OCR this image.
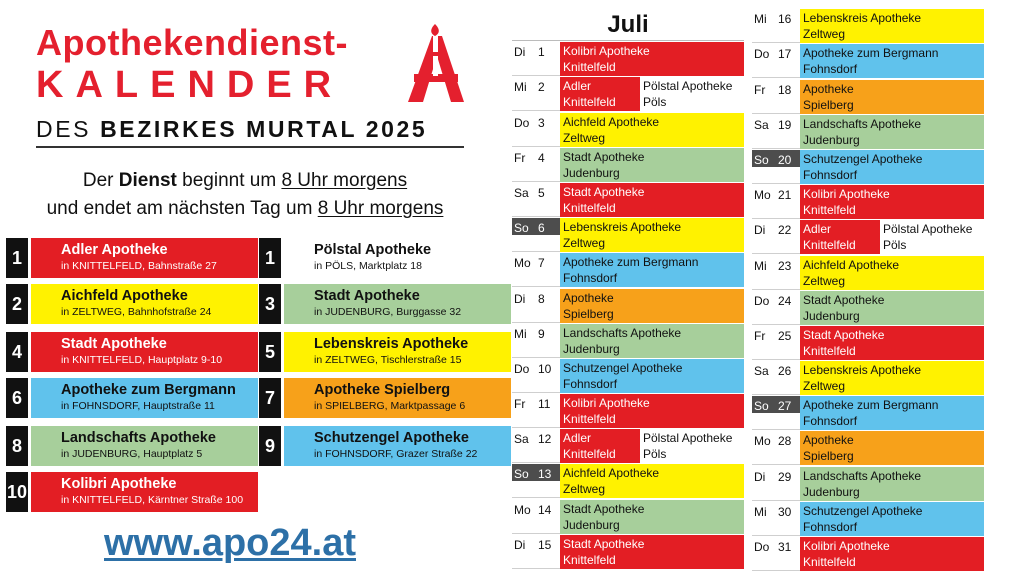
Apothekendienst-
KALENDER
DES BEZIRKES MURTAL 2025
Der Dienst beginnt um 8 Uhr morgens
und endet am nächsten Tag um 8 Uhr morgens
1	Adler Apotheke
in KNITTELFELD, Bahnstraße 27	1	Pölstal Apotheke
in PÖLS, Marktplatz 18
2	Aichfeld Apotheke
in ZELTWEG, Bahnhofstraße 24	3	Stadt Apotheke
in JUDENBURG, Burggasse 32
4	Stadt Apotheke
in KNITTELFELD, Hauptplatz 9-10	5	Lebenskreis Apotheke
in ZELTWEG, Tischlerstraße 15
6	Apotheke zum Bergmann
in FOHNSDORF, Hauptstraße 11	7	Apotheke Spielberg
in SPIELBERG, Marktpassage 6
8	Landschafts Apotheke
in JUDENBURG, Hauptplatz 5	9	Schutzengel Apotheke
in FOHNSDORF, Grazer Straße 22
10 Kolibri Apotheke
in KNITTELFELD, Kärntner Straße 100
www.apo24.at
Juli
Di	1 Kolibri Apotheke
Knittelfeld
Mi 2 Adler
Knittelfeld
Pölstal Apotheke
Pöls
Do 3 Aichfeld Apotheke
Zeltweg
Fr	4 Stadt Apotheke
Judenburg
Sa 5 Stadt Apotheke
Knittelfeld
So 6 Lebenskreis Apotheke
Zeltweg
Mo 7 Apotheke zum Bergmann
Fohnsdorf
Di	8 Apotheke
Spielberg
Mi 9 Landschafts Apotheke
Judenburg
Do 10 Schutzengel Apotheke
Fohnsdorf
Fr	11 Kolibri Apotheke
Knittelfeld
Sa 12 Adler
Knittelfeld
Pölstal Apotheke
Pöls
So 13 Aichfeld Apotheke
Zeltweg
Mo 14 Stadt Apotheke
Judenburg
Di	15 Stadt Apotheke
Knittelfeld
Mi 16 Lebenskreis Apotheke
Zeltweg
Do 17 Apotheke zum Bergmann
Fohnsdorf
Fr	18 Apotheke
Spielberg
Sa 19 Landschafts Apotheke
Judenburg
So 20 Schutzengel Apotheke
Fohnsdorf
Mo 21 Kolibri Apotheke
Knittelfeld
Di	22 Adler
Knittelfeld
Pölstal Apotheke
Pöls
Mi 23 Aichfeld Apotheke
Zeltweg
Do 24 Stadt Apotheke
Judenburg
Fr	25 Stadt Apotheke
Knittelfeld
Sa 26 Lebenskreis Apotheke
Zeltweg
So 27 Apotheke zum Bergmann
Fohnsdorf
Mo 28 Apotheke
Spielberg
Di	29 Landschafts Apotheke
Judenburg
Mi 30 Schutzengel Apotheke
Fohnsdorf
Do 31 Kolibri Apotheke
Knittelfeld
